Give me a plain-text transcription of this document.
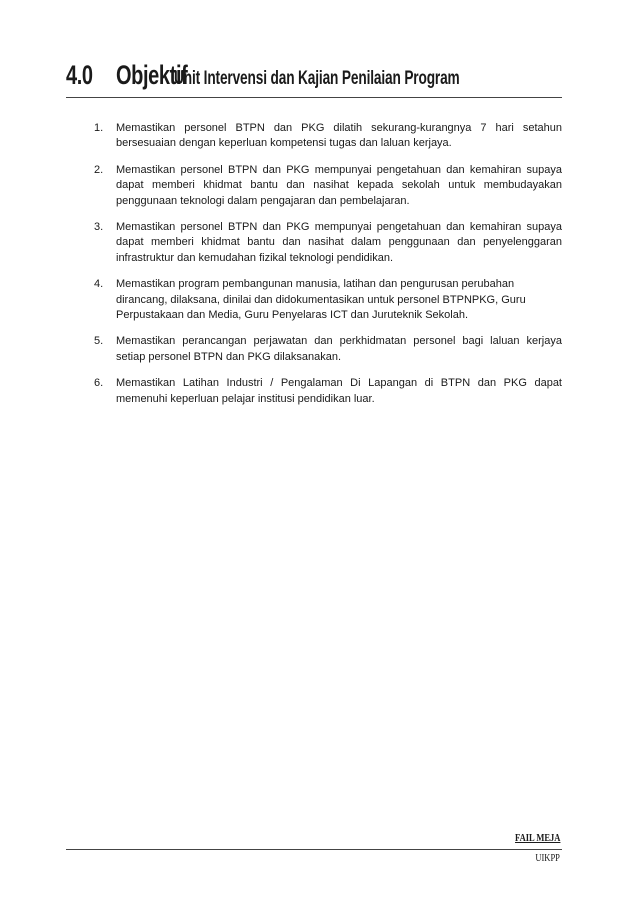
4.0 ObjektifUnit Intervensi dan Kajian Penilaian Program
1. Memastikan personel BTPN dan PKG dilatih sekurang-kurangnya 7 hari setahun bersesuaian dengan keperluan kompetensi tugas dan laluan kerjaya.
2. Memastikan personel BTPN dan PKG mempunyai pengetahuan dan kemahiran supaya dapat memberi khidmat bantu dan nasihat kepada sekolah untuk membudayakan penggunaan teknologi dalam pengajaran dan pembelajaran.
3. Memastikan personel BTPN dan PKG mempunyai pengetahuan dan kemahiran supaya dapat memberi khidmat bantu dan nasihat dalam penggunaan dan penyelenggaran infrastruktur dan kemudahan fizikal teknologi pendidikan.
4. Memastikan program pembangunan manusia, latihan dan pengurusan perubahan dirancang, dilaksana, dinilai dan didokumentasikan untuk personel BTPNPKG, Guru Perpustakaan dan Media, Guru Penyelaras ICT dan Juruteknik Sekolah.
5. Memastikan perancangan perjawatan dan perkhidmatan personel bagi laluan kerjaya setiap personel BTPN dan PKG dilaksanakan.
6. Memastikan Latihan Industri / Pengalaman Di Lapangan di BTPN dan PKG dapat memenuhi keperluan pelajar institusi pendidikan luar.
FAIL MEJA
UIKPP
